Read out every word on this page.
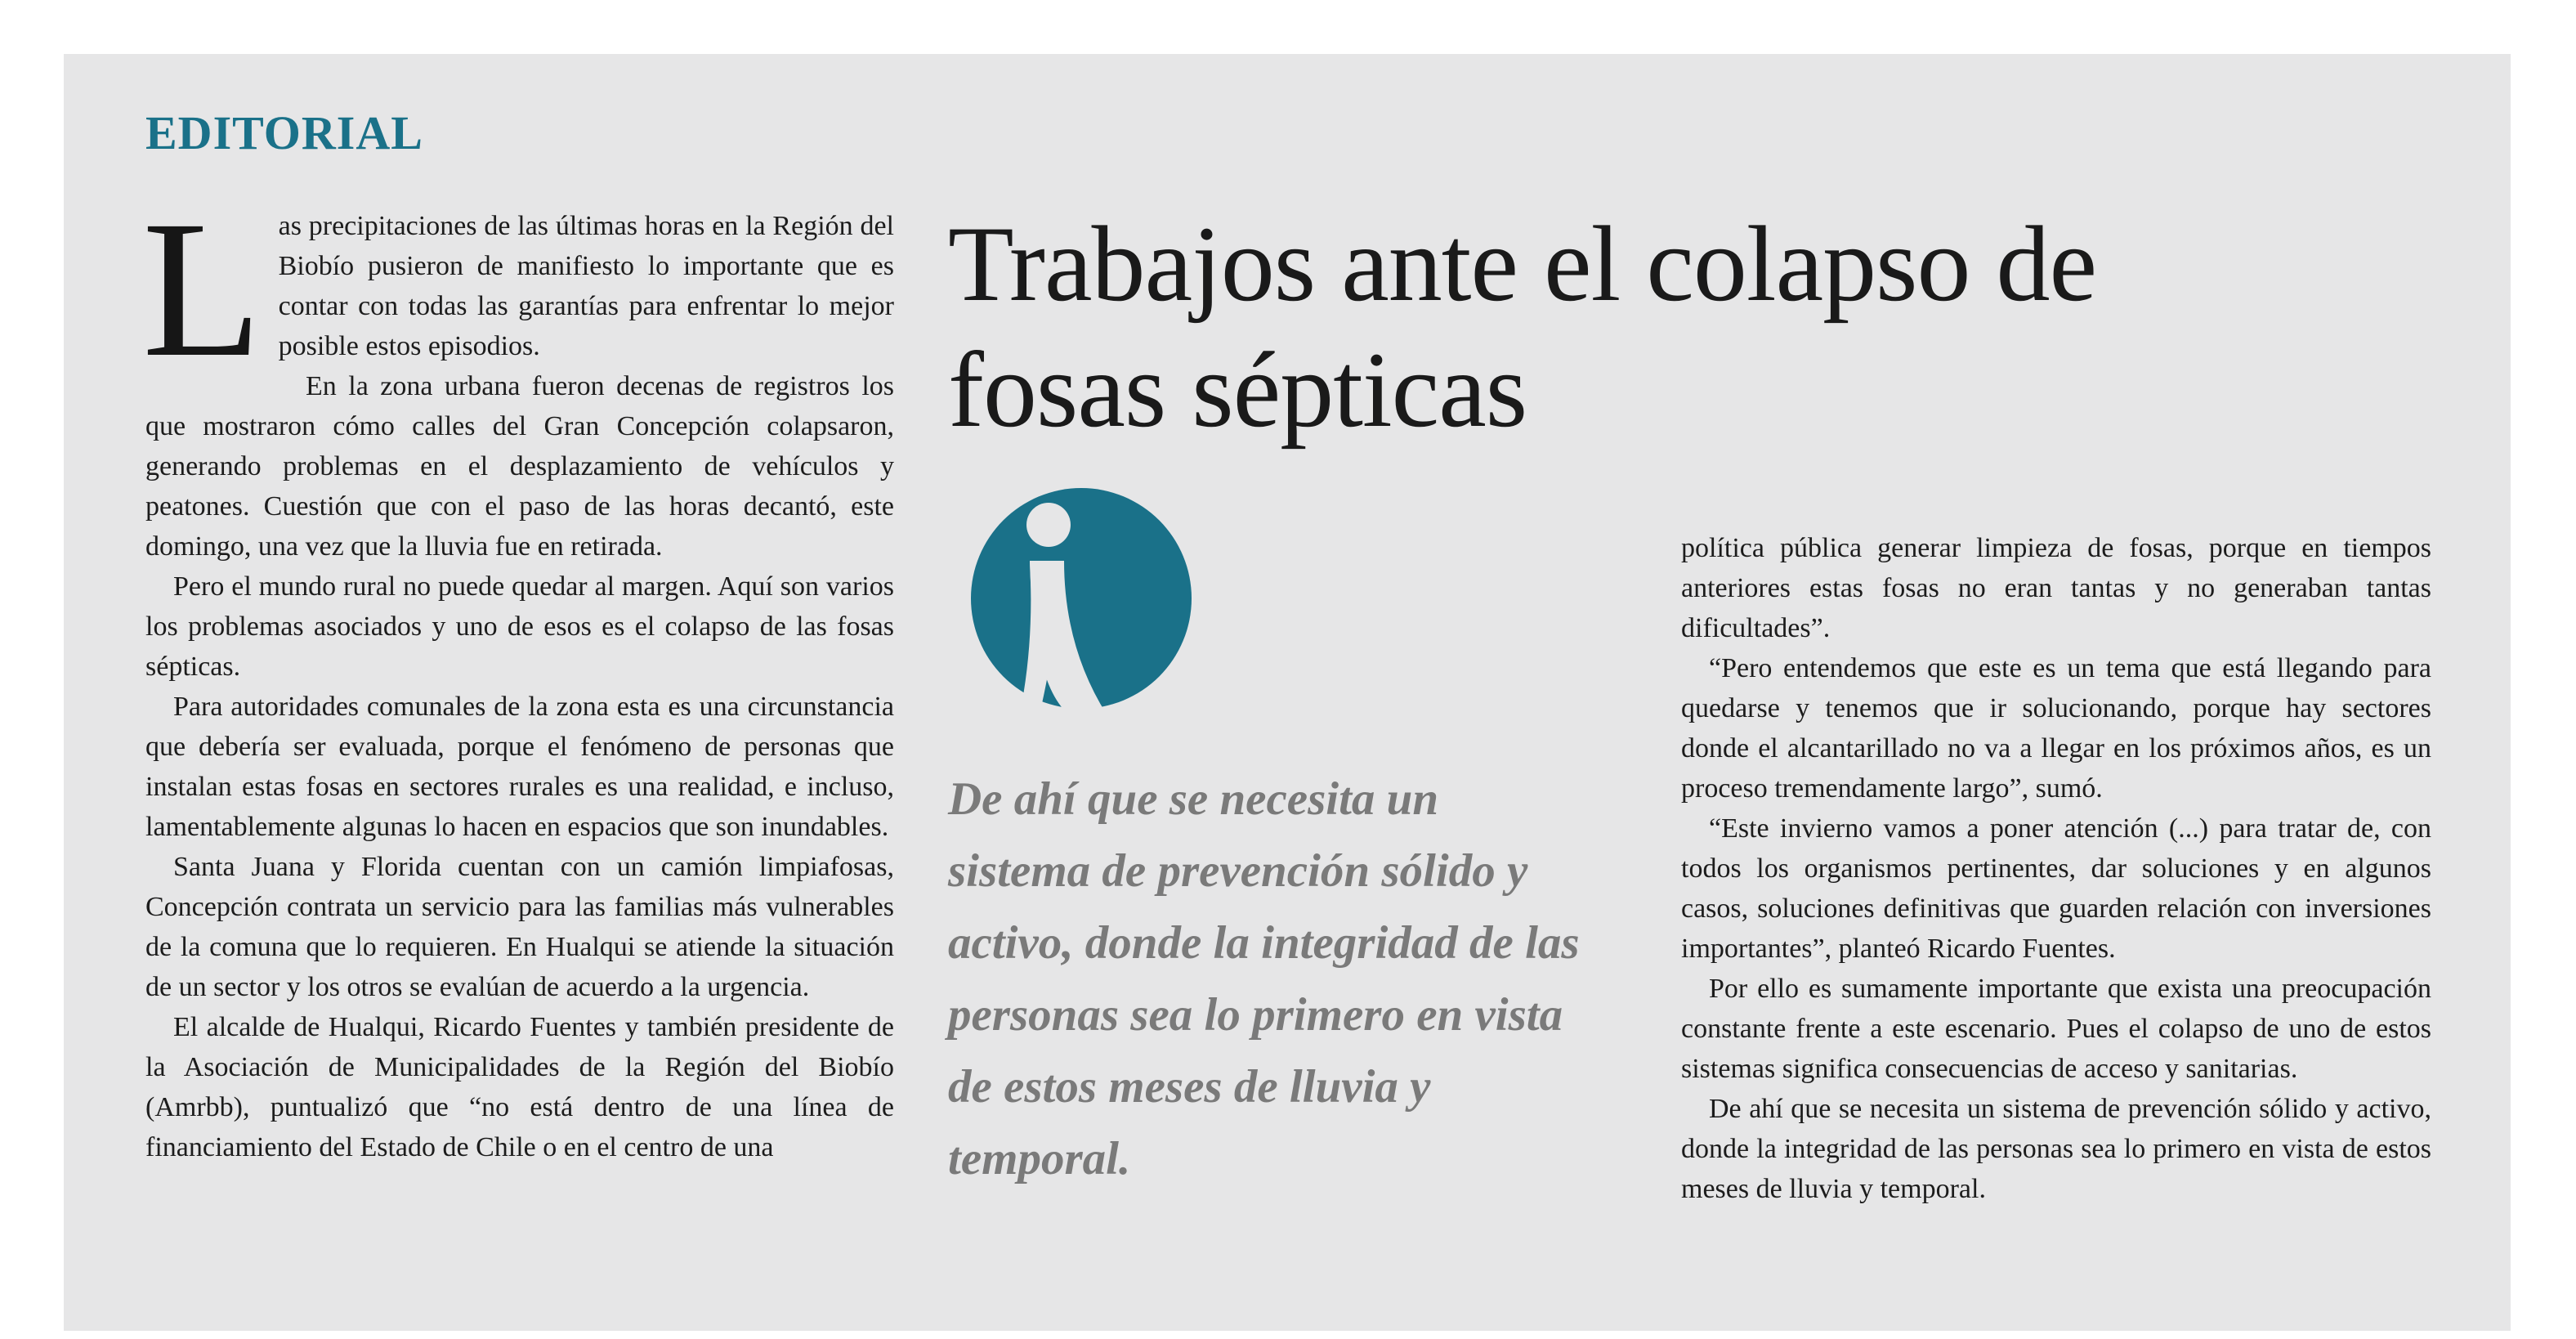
EDITORIAL

Las precipitaciones de las últimas horas en la Región del Biobío pusieron de manifiesto lo importante que es contar con todas las garantías para enfrentar lo mejor posible estos episodios.

En la zona urbana fueron decenas de registros los que mostraron cómo calles del Gran Concepción colapsaron, generando problemas en el desplazamiento de vehículos y peatones. Cuestión que con el paso de las horas decantó, este domingo, una vez que la lluvia fue en retirada.

Pero el mundo rural no puede quedar al margen. Aquí son varios los problemas asociados y uno de esos es el colapso de las fosas sépticas.

Para autoridades comunales de la zona esta es una circunstancia que debería ser evaluada, porque el fenómeno de personas que instalan estas fosas en sectores rurales es una realidad, e incluso, lamentablemente algunas lo hacen en espacios que son inundables.

Santa Juana y Florida cuentan con un camión limpiafosas, Concepción contrata un servicio para las familias más vulnerables de la comuna que lo requieren. En Hualqui se atiende la situación de un sector y los otros se evalúan de acuerdo a la urgencia.

El alcalde de Hualqui, Ricardo Fuentes y también presidente de la Asociación de Municipalidades de la Región del Biobío (Amrbb), puntualizó que “no está dentro de una línea de financiamiento del Estado de Chile o en el centro de una

Trabajos ante el colapso de fosas sépticas

De ahí que se necesita un sistema de prevención sólido y activo, donde la integridad de las personas sea lo primero en vista de estos meses de lluvia y temporal.

política pública generar limpieza de fosas, porque en tiempos anteriores estas fosas no eran tantas y no generaban tantas dificultades”.

“Pero entendemos que este es un tema que está llegando para quedarse y tenemos que ir solucionando, porque hay sectores donde el alcantarillado no va a llegar en los próximos años, es un proceso tremendamente largo”, sumó.

“Este invierno vamos a poner atención (...) para tratar de, con todos los organismos pertinentes, dar soluciones y en algunos casos, soluciones definitivas que guarden relación con inversiones importantes”, planteó Ricardo Fuentes.

Por ello es sumamente importante que exista una preocupación constante frente a este escenario. Pues el colapso de uno de estos sistemas significa consecuencias de acceso y sanitarias.

De ahí que se necesita un sistema de prevención sólido y activo, donde la integridad de las personas sea lo primero en vista de estos meses de lluvia y temporal.
